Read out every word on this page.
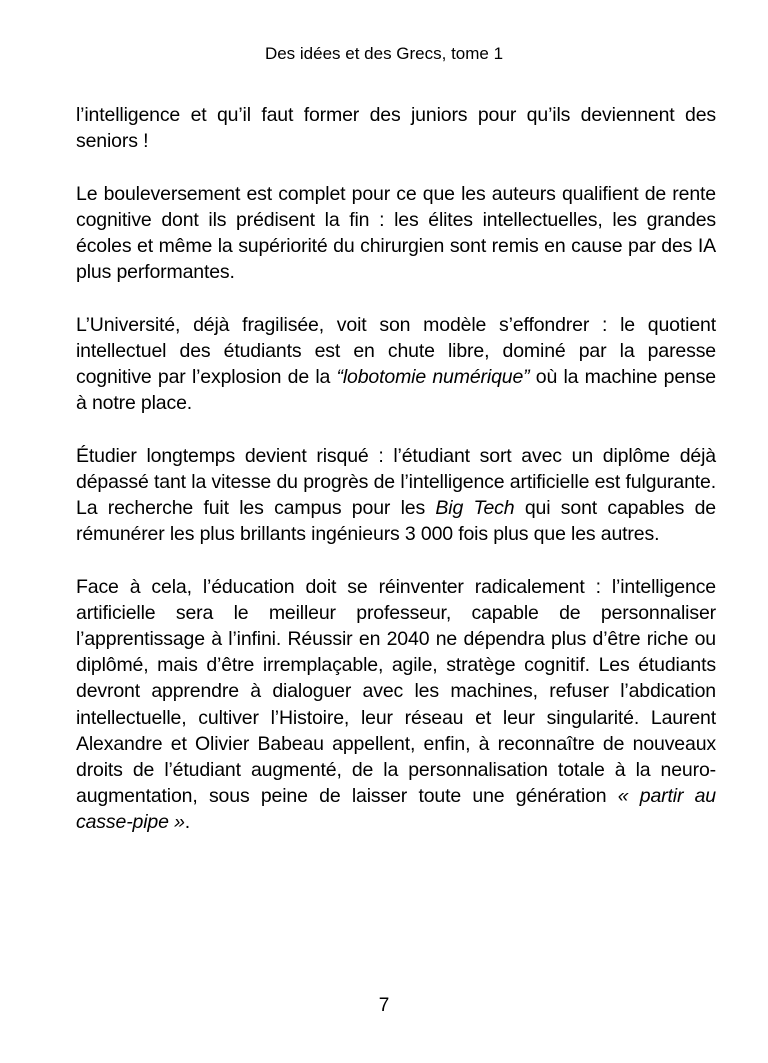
Des idées et des Grecs, tome 1

l’intelligence et qu’il faut former des juniors pour qu’ils deviennent des seniors !

Le bouleversement est complet pour ce que les auteurs qualifient de rente cognitive dont ils prédisent la fin : les élites intellectuelles, les grandes écoles et même la supériorité du chirurgien sont remis en cause par des IA plus performantes.

L’Université, déjà fragilisée, voit son modèle s’effondrer : le quotient intellectuel des étudiants est en chute libre, dominé par la paresse cognitive par l’explosion de la “lobotomie numérique” où la machine pense à notre place.

Étudier longtemps devient risqué : l’étudiant sort avec un diplôme déjà dépassé tant la vitesse du progrès de l’intelligence artificielle est fulgurante. La recherche fuit les campus pour les Big Tech qui sont capables de rémunérer les plus brillants ingénieurs 3 000 fois plus que les autres.

Face à cela, l’éducation doit se réinventer radicalement : l’intelligence artificielle sera le meilleur professeur, capable de personnaliser l’apprentissage à l’infini. Réussir en 2040 ne dépendra plus d’être riche ou diplômé, mais d’être irremplaçable, agile, stratège cognitif. Les étudiants devront apprendre à dialoguer avec les machines, refuser l’abdication intellectuelle, cultiver l’Histoire, leur réseau et leur singularité. Laurent Alexandre et Olivier Babeau appellent, enfin, à reconnaître de nouveaux droits de l’étudiant augmenté, de la personnalisation totale à la neuro-augmentation, sous peine de laisser toute une génération « partir au casse-pipe ».

7
